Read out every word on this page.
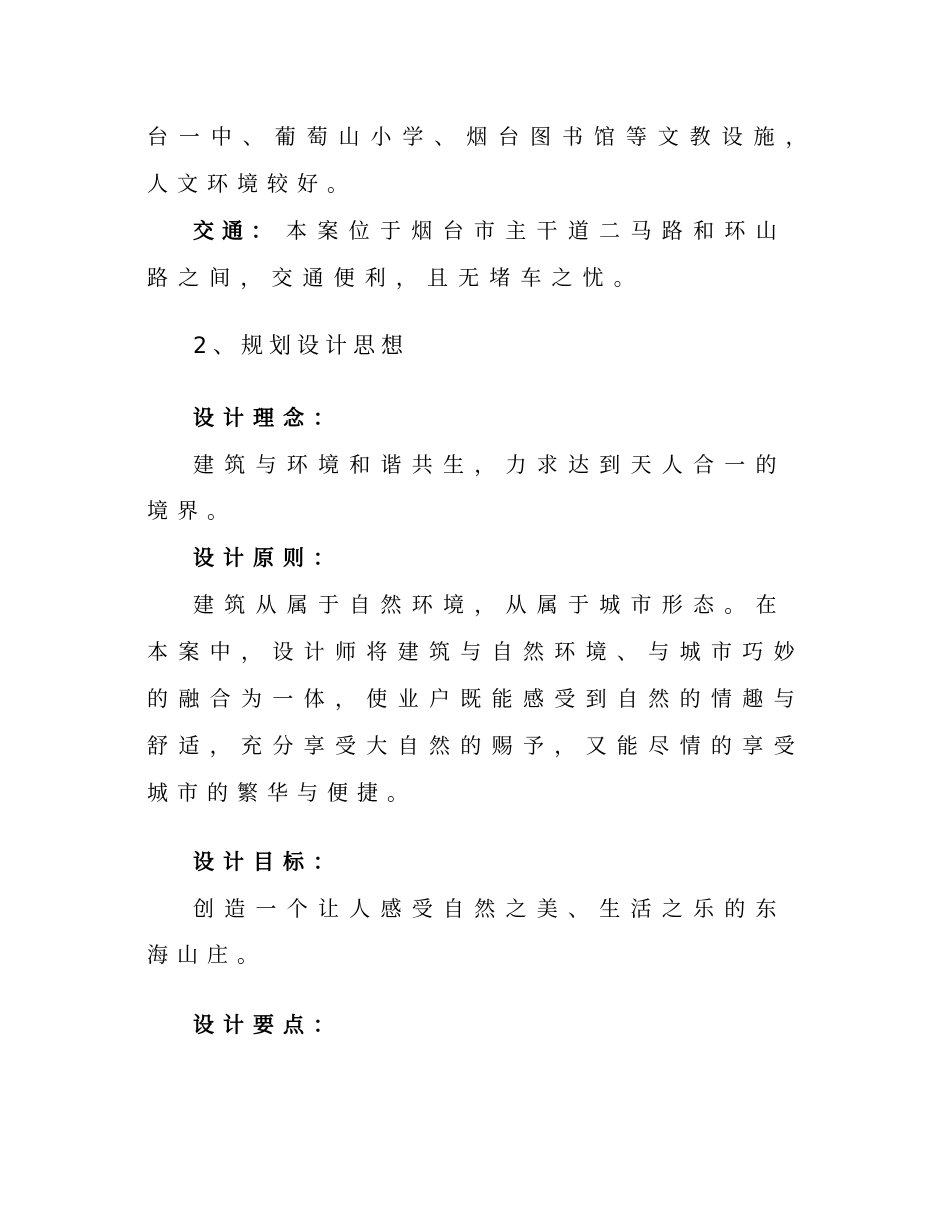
台 一 中 、 葡 萄 山 小 学 、 烟 台 图 书 馆 等 文 教 设 施 ，
人文环境较好。
交通： 本 案 位 于 烟 台 市 主 干 道 二 马 路 和 环 山
路 之 间 ， 交 通 便 利 ， 且 无 堵 车 之 忧 。
2、规划设计思想
设计理念：
建 筑 与 环 境 和 谐 共 生 ， 力 求 达 到 天 人 合 一 的
境界。
设计原则：
建 筑 从 属 于 自 然 环 境 ， 从 属 于 城 市 形 态 。 在
本 案 中 ， 设 计 师 将 建 筑 与 自 然 环 境 、 与 城 市 巧 妙
的 融 合 为 一 体 ， 使 业 户 既 能 感 受 到 自 然 的 情 趣 与
舒 适 ， 充 分 享 受 大 自 然 的 赐 予 ， 又 能 尽 情 的 享 受
城市的繁华与便捷。
设计目标：
创 造 一 个 让 人 感 受 自 然 之 美 、 生 活 之 乐 的 东
海山庄。
设计要点：
